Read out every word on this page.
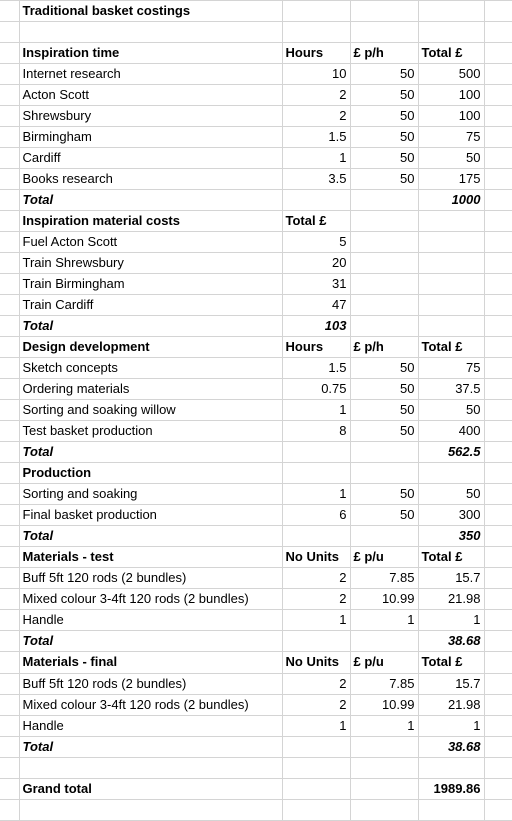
	Traditional basket costings				

	Inspiration time	Hours	£ p/h	Total £	
	Internet research	10	50	500	
	Acton Scott	2	50	100	
	Shrewsbury	2	50	100	
	Birmingham	1.5	50	75	
	Cardiff	1	50	50	
	Books research	3.5	50	175	
	Total			1000	
	Inspiration material costs	Total £			
	Fuel Acton Scott	5			
	Train Shrewsbury	20			
	Train Birmingham	31			
	Train Cardiff	47			
	Total	103			
	Design development	Hours	£ p/h	Total £	
	Sketch concepts	1.5	50	75	
	Ordering materials	0.75	50	37.5	
	Sorting and soaking willow	1	50	50	
	Test basket production	8	50	400	
	Total			562.5	
	Production				
	Sorting and soaking	1	50	50	
	Final basket production	6	50	300	
	Total			350	
	Materials - test	No Units	£ p/u	Total £	
	Buff 5ft 120 rods (2 bundles)	2	7.85	15.7	
	Mixed colour 3-4ft 120 rods (2 bundles)	2	10.99	21.98	
	Handle	1	1	1	
	Total			38.68	
	Materials - final	No Units	£ p/u	Total £	
	Buff 5ft 120 rods (2 bundles)	2	7.85	15.7	
	Mixed colour 3-4ft 120 rods (2 bundles)	2	10.99	21.98	
	Handle	1	1	1	
	Total			38.68	

	Grand total			1989.86	
